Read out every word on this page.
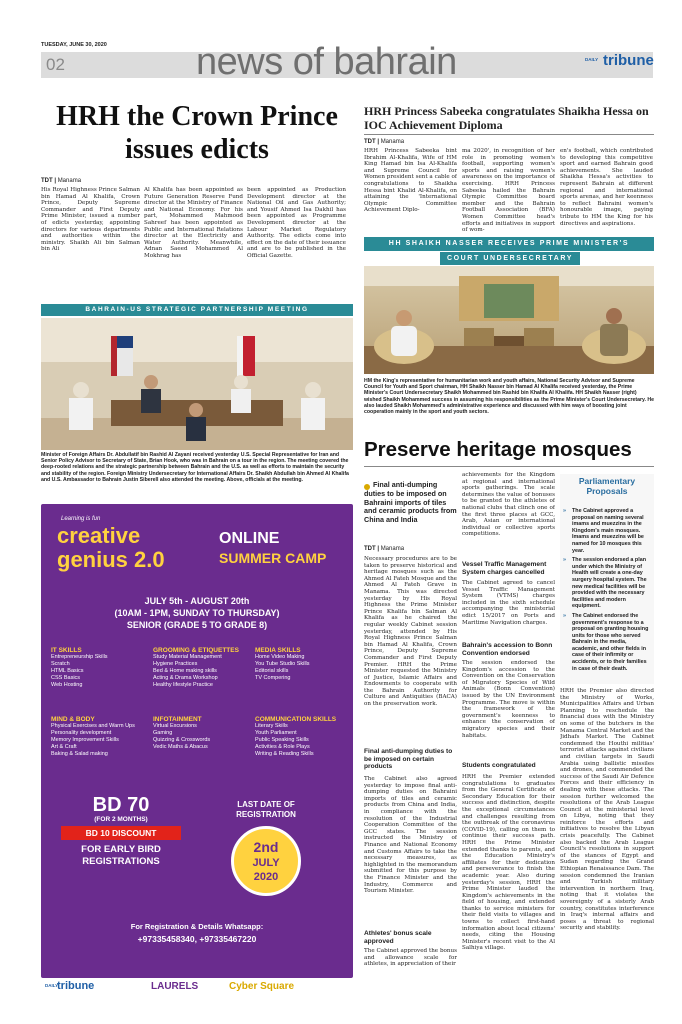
TUESDAY, JUNE 30, 2020
02	news of bahrain	DAILY tribune
HRH the Crown Prince issues edicts
TDT | Manama
His Royal Highness Prince Salman bin Hamad Al Khalifa, Crown Prince, Deputy Supreme Commander and First Deputy Prime Minister, issued a number of edicts yesterday, appointing directors for various departments and authorities within the ministry. Shaikh Ali bin Salman bin Ali
Al Khalifa has been appointed as Future Generation Reserve Fund director at the Ministry of Finance and National Economy. For his part, Mohammed Mahmood Sahreef has been appointed as Public and International Relations director at the Electricity and Water Authority. Meanwhile, Adnan Saeed Mohammed Al Mokhrag has
been appointed as Production Development director at the National Oil and Gas Authority; and Yousif Ahmed Isa Dakhil has been appointed as Programme Development director at the Labour Market Regulatory Authority. The edicts come into effect on the date of their issuance and are to be published in the Official Gazette.
HRH Princess Sabeeka congratulates Shaikha Hessa on IOC Achievement Diploma
TDT | Manama
HRH Princess Sabeeka bint Ibrahim Al-Khalifa, Wife of HM King Hamad bin Isa Al-Khalifa and Supreme Council for Women president sent a cable of congratulations to Shaikha Hessa bint Khalid Al-Khalifa, on attaining the 'International Olympic Committee Achievement Diplo-
ma 2020', in recognition of her role in promoting women's football, supporting women's sports and raising women's awareness on the importance of exercising. HRH Princess Sabeeka hailed the Bahrain Olympic Committee board member and the Bahrain Football Association (BFA) Women Committee head's efforts and initiatives in support of wom-
en's football, which contributed to developing this competitive sport and earned Bahrain good achievements. She lauded Shaikha Hessa's activities to represent Bahrain at different regional and international sports arenas, and her keenness to reflect Bahraini women's honourable image, paying tribute to HM the King for his directives and aspirations.
HH SHAIKH NASSER RECEIVES PRIME MINISTER'S
COURT UNDERSECRETARY
HM the King's representative for humanitarian work and youth affairs, National Security Advisor and Supreme Council for Youth and Sport chairman, HH Shaikh Nasser bin Hamad Al Khalifa received yesterday, the Prime Minister's Court Undersecretary Shaikh Mohammed bin Rashid bin Khalifa Al Khalifa. HH Shaikh Nasser (right) wished Shaikh Mohammed success in assuming his responsibilities as the Prime Minister's Court Undersecretary. He also lauded Shaikh Mohammed's administrative experience and discussed with him ways of boosting joint cooperation mainly in the sport and youth sectors.
BAHRAIN-US STRATEGIC PARTNERSHIP MEETING
Minister of Foreign Affairs Dr. Abdullatif bin Rashid Al Zayani received yesterday U.S. Special Representative for Iran and Senior Policy Advisor to Secretary of State, Brian Hook, who was in Bahrain on a tour in the region. The meeting covered the deep-rooted relations and the strategic partnership between Bahrain and the U.S. as well as efforts to maintain the security and stability of the region. Foreign Ministry Undersecretary for International Affairs Dr. Shaikh Abdullah bin Ahmed Al Khalifa and U.S. Ambassador to Bahrain Justin Siberell also attended the meeting. Above, officials at the meeting.
Learning is fun
creative genius 2.0
ONLINE
SUMMER CAMP
JULY 5th - AUGUST 20th
(10AM - 1PM, SUNDAY TO THURSDAY)
SENIOR (GRADE 5 TO GRADE 8)
IT SKILLS
Entrepreneurship Skills
Scratch
HTML Basics
CSS Basics
Web Hosting
GROOMING & ETIQUETTES
Study Material Management
Hygiene Practices
Bed & Home making skills
Acting & Drama Workshop
Healthy lifestyle Practice
MEDIA SKILLS
Home Video Making
You Tube Studio Skills
Editorial skills
TV Compering
MIND & BODY
Physical Exercises and Warm Ups
Personality development
Memory Improvement Skills
Art & Craft
Baking & Salad making
INFOTAINMENT
Virtual Excursions
Gaming
Quizzing & Crosswords
Vedic Maths & Abacus
COMMUNICATION SKILLS
Literary Skills
Youth Parliament
Public Speaking Skills
Activities & Role Plays
Writing & Reading Skills
BD 70
(FOR 2 MONTHS)
BD 10 DISCOUNT
FOR EARLY BIRD REGISTRATIONS
LAST DATE OF REGISTRATION
2nd
JULY
2020
For Registration & Details Whatsapp:
+97335458340, +97335467220
DAILY
tribune	LAURELS	Cyber Square
Preserve heritage mosques
Final anti-dumping duties to be imposed on Bahraini imports of tiles and ceramic products from China and India
TDT | Manama
Necessary procedures are to be taken to preserve historical and heritage mosques such as the Ahmed Al Fateh Mosque and the Ahmed Al Fateh Grave in Manama. This was directed yesterday by His Royal Highness the Prime Minister Prince Khalifa bin Salman Al Khalifa as he chaired the regular weekly Cabinet session yesterday, attended by His Royal Highness Prince Salman bin Hamad Al Khalifa, Crown Prince, Deputy Supreme Commander and First Deputy Premier. HRH the Prime Minister requested the Ministry of Justice, Islamic Affairs and Endowments to cooperate with the Bahrain Authority for Culture and Antiquities (BACA) on the preservation work.
Final anti-dumping duties to be imposed on certain products
The Cabinet also agreed yesterday to impose final anti-dumping duties on Bahraini imports of tiles and ceramic products from China and India, in compliance with the resolution of the Industrial Cooperation Committee of the GCC states. The session instructed the Ministry of Finance and National Economy and Customs Affairs to take the necessary measures, as highlighted in the memorandum submitted for this purpose by the Finance Minister and the Industry, Commerce and Tourism Minister.
Athletes' bonus scale approved
The Cabinet approved the bonus and allowance scale for athletes, in appreciation of their
achievements for the Kingdom at regional and international sports gatherings. The scale determines the value of bonuses to be granted to the athletes of national clubs that clinch one of the first three places at GCC, Arab, Asian or international individual or collective sports competitions.
Vessel Traffic Management System charges cancelled
The Cabinet agreed to cancel Vessel Traffic Management System (VTMS) charges included in the sixth schedule accompanying the ministerial edict 15/2017 on Ports and Maritime Navigation charges.
Bahrain's accession to Bonn Convention endorsed
The session endorsed the Kingdom's accession to the Convention on the Conservation of Migratory Species of Wild Animals (Bonn Convention) issued by the UN Environment Programme. The move is within the framework of the government's keenness to enhance the conservation of migratory species and their habitats.
Students congratulated
HRH the Premier extended congratulations to graduates from the General Certificate of Secondary Education for their success and distinction, despite the exceptional circumstances and challenges resulting from the outbreak of the coronavirus (COVID-19), calling on them to continue their success path. HRH the Prime Minister extended thanks to parents, and the Education Ministry's affiliates for their dedication and perseverance to finish the academic year. Also during yesterday's session, HRH the Prime Minister lauded the Kingdom's achievements in the field of housing, and extended thanks to service ministers for their field visits to villages and towns to collect first-hand information about local citizens' needs, citing the Housing Minister's recent visit to the Al Salhiya village.
Parliamentary Proposals
» The Cabinet approved a proposal on naming several imams and muezzins in the Kingdom's main mosques. Imams and muezzins will be named for 10 mosques this year.
» The session endorsed a plan under which the Ministry of Health will create a one-day surgery hospital system. The new medical facilities will be provided with the necessary facilities and modern equipment.
» The Cabinet endorsed the government's response to a proposal on granting housing units for those who served Bahrain in the media, academic, and other fields in case of their infirmity or accidents, or to their families in case of their death.
HRH the Premier also directed the Ministry of Works, Municipalities Affairs and Urban Planning to reschedule the financial dues with the Ministry on some of the butchers in the Manama Central Market and the Jidhafs Market. The Cabinet condemned the Houthi militias' terrorist attacks against civilians and civilian targets in Saudi Arabia using ballistic missiles and drones, and commended the success of the Saudi Air Defence Forces and their efficiency in dealing with these attacks. The session further welcomed the resolutions of the Arab League Council at the ministerial level on Libya, noting that they reinforce the efforts and initiatives to resolve the Libyan crisis peacefully. The Cabinet also backed the Arab League Council's resolutions in support of the stances of Egypt and Sudan regarding the Grand Ethiopian Renaissance Dam. The session condemned the Iranian and Turkish military intervention in northern Iraq, noting that it violates the sovereignty of a sisterly Arab country, constitutes interference in Iraq's internal affairs and poses a threat to regional security and stability.
